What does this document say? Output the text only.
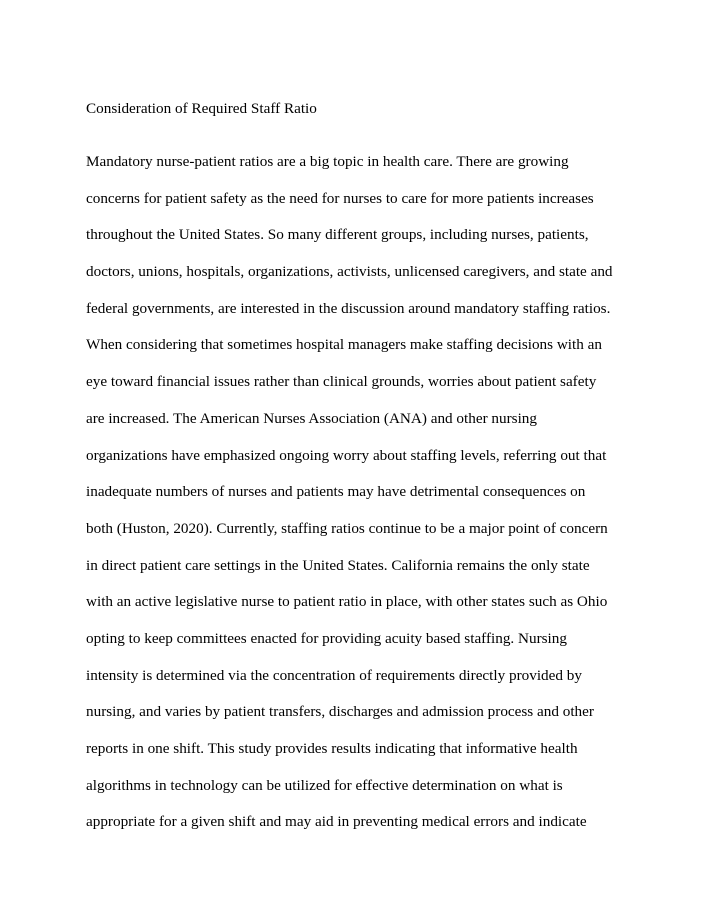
Consideration of Required Staff Ratio
Mandatory nurse-patient ratios are a big topic in health care. There are growing
concerns for patient safety as the need for nurses to care for more patients increases
throughout the United States. So many different groups, including nurses, patients,
doctors, unions, hospitals, organizations, activists, unlicensed caregivers, and state and
federal governments, are interested in the discussion around mandatory staffing ratios.
When considering that sometimes hospital managers make staffing decisions with an
eye toward financial issues rather than clinical grounds, worries about patient safety
are increased. The American Nurses Association (ANA) and other nursing
organizations have emphasized ongoing worry about staffing levels, referring out that
inadequate numbers of nurses and patients may have detrimental consequences on
both (Huston, 2020). Currently, staffing ratios continue to be a major point of concern
in direct patient care settings in the United States. California remains the only state
with an active legislative nurse to patient ratio in place, with other states such as Ohio
opting to keep committees enacted for providing acuity based staffing. Nursing
intensity is determined via the concentration of requirements directly provided by
nursing, and varies by patient transfers, discharges and admission process and other
reports in one shift. This study provides results indicating that informative health
algorithms in technology can be utilized for effective determination on what is
appropriate for a given shift and may aid in preventing medical errors and indicate
